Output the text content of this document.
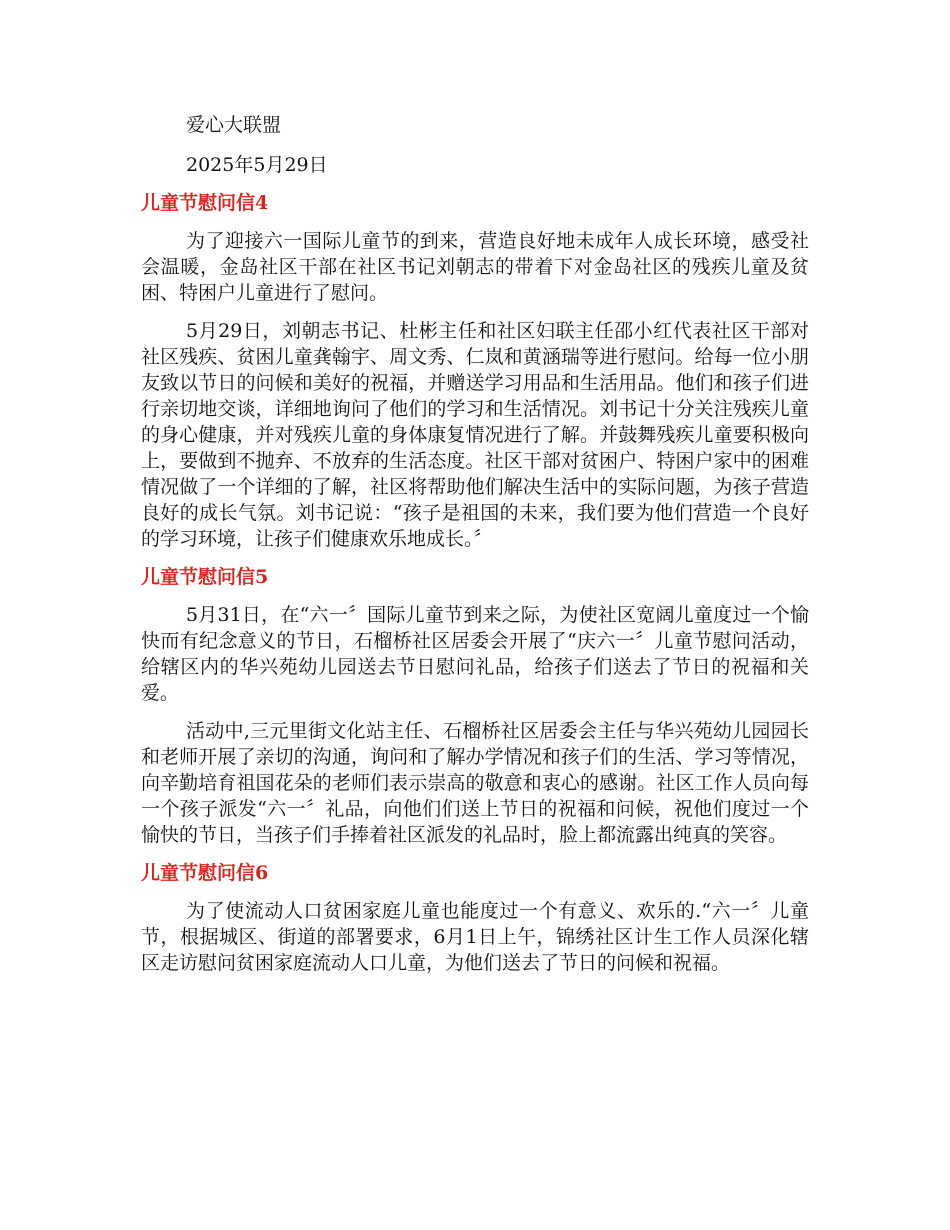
爱心大联盟

2025年5月29日

儿童节慰问信4

为了迎接六一国际儿童节的到来，营造良好地未成年人成长环境，感受社会温暖，金岛社区干部在社区书记刘朝志的带着下对金岛社区的残疾儿童及贫困、特困户儿童进行了慰问。

5月29日，刘朝志书记、杜彬主任和社区妇联主任邵小红代表社区干部对社区残疾、贫困儿童龚翰宇、周文秀、仁岚和黄涵瑞等进行慰问。给每一位小朋友致以节日的问候和美好的祝福，并赠送学习用品和生活用品。他们和孩子们进行亲切地交谈，详细地询问了他们的学习和生活情况。刘书记十分关注残疾儿童的身心健康，并对残疾儿童的身体康复情况进行了解。并鼓舞残疾儿童要积极向上，要做到不抛弃、不放弃的生活态度。社区干部对贫困户、特困户家中的困难情况做了一个详细的了解，社区将帮助他们解决生活中的实际问题，为孩子营造良好的成长气氛。刘书记说：“孩子是祖国的未来，我们要为他们营造一个良好的学习环境，让孩子们健康欢乐地成长。〞

儿童节慰问信5

5月31日，在“六一〞国际儿童节到来之际，为使社区宽阔儿童度过一个愉快而有纪念意义的节日，石榴桥社区居委会开展了“庆六一〞儿童节慰问活动，给辖区内的华兴苑幼儿园送去节日慰问礼品，给孩子们送去了节日的祝福和关爱。

活动中,三元里街文化站主任、石榴桥社区居委会主任与华兴苑幼儿园园长和老师开展了亲切的沟通，询问和了解办学情况和孩子们的生活、学习等情况，向辛勤培育祖国花朵的老师们表示崇高的敬意和衷心的感谢。社区工作人员向每一个孩子派发“六一〞礼品，向他们们送上节日的祝福和问候，祝他们度过一个愉快的节日，当孩子们手捧着社区派发的礼品时，脸上都流露出纯真的笑容。

儿童节慰问信6

为了使流动人口贫困家庭儿童也能度过一个有意义、欢乐的.“六一〞儿童节，根据城区、街道的部署要求，6月1日上午，锦绣社区计生工作人员深化辖区走访慰问贫困家庭流动人口儿童，为他们送去了节日的问候和祝福。
